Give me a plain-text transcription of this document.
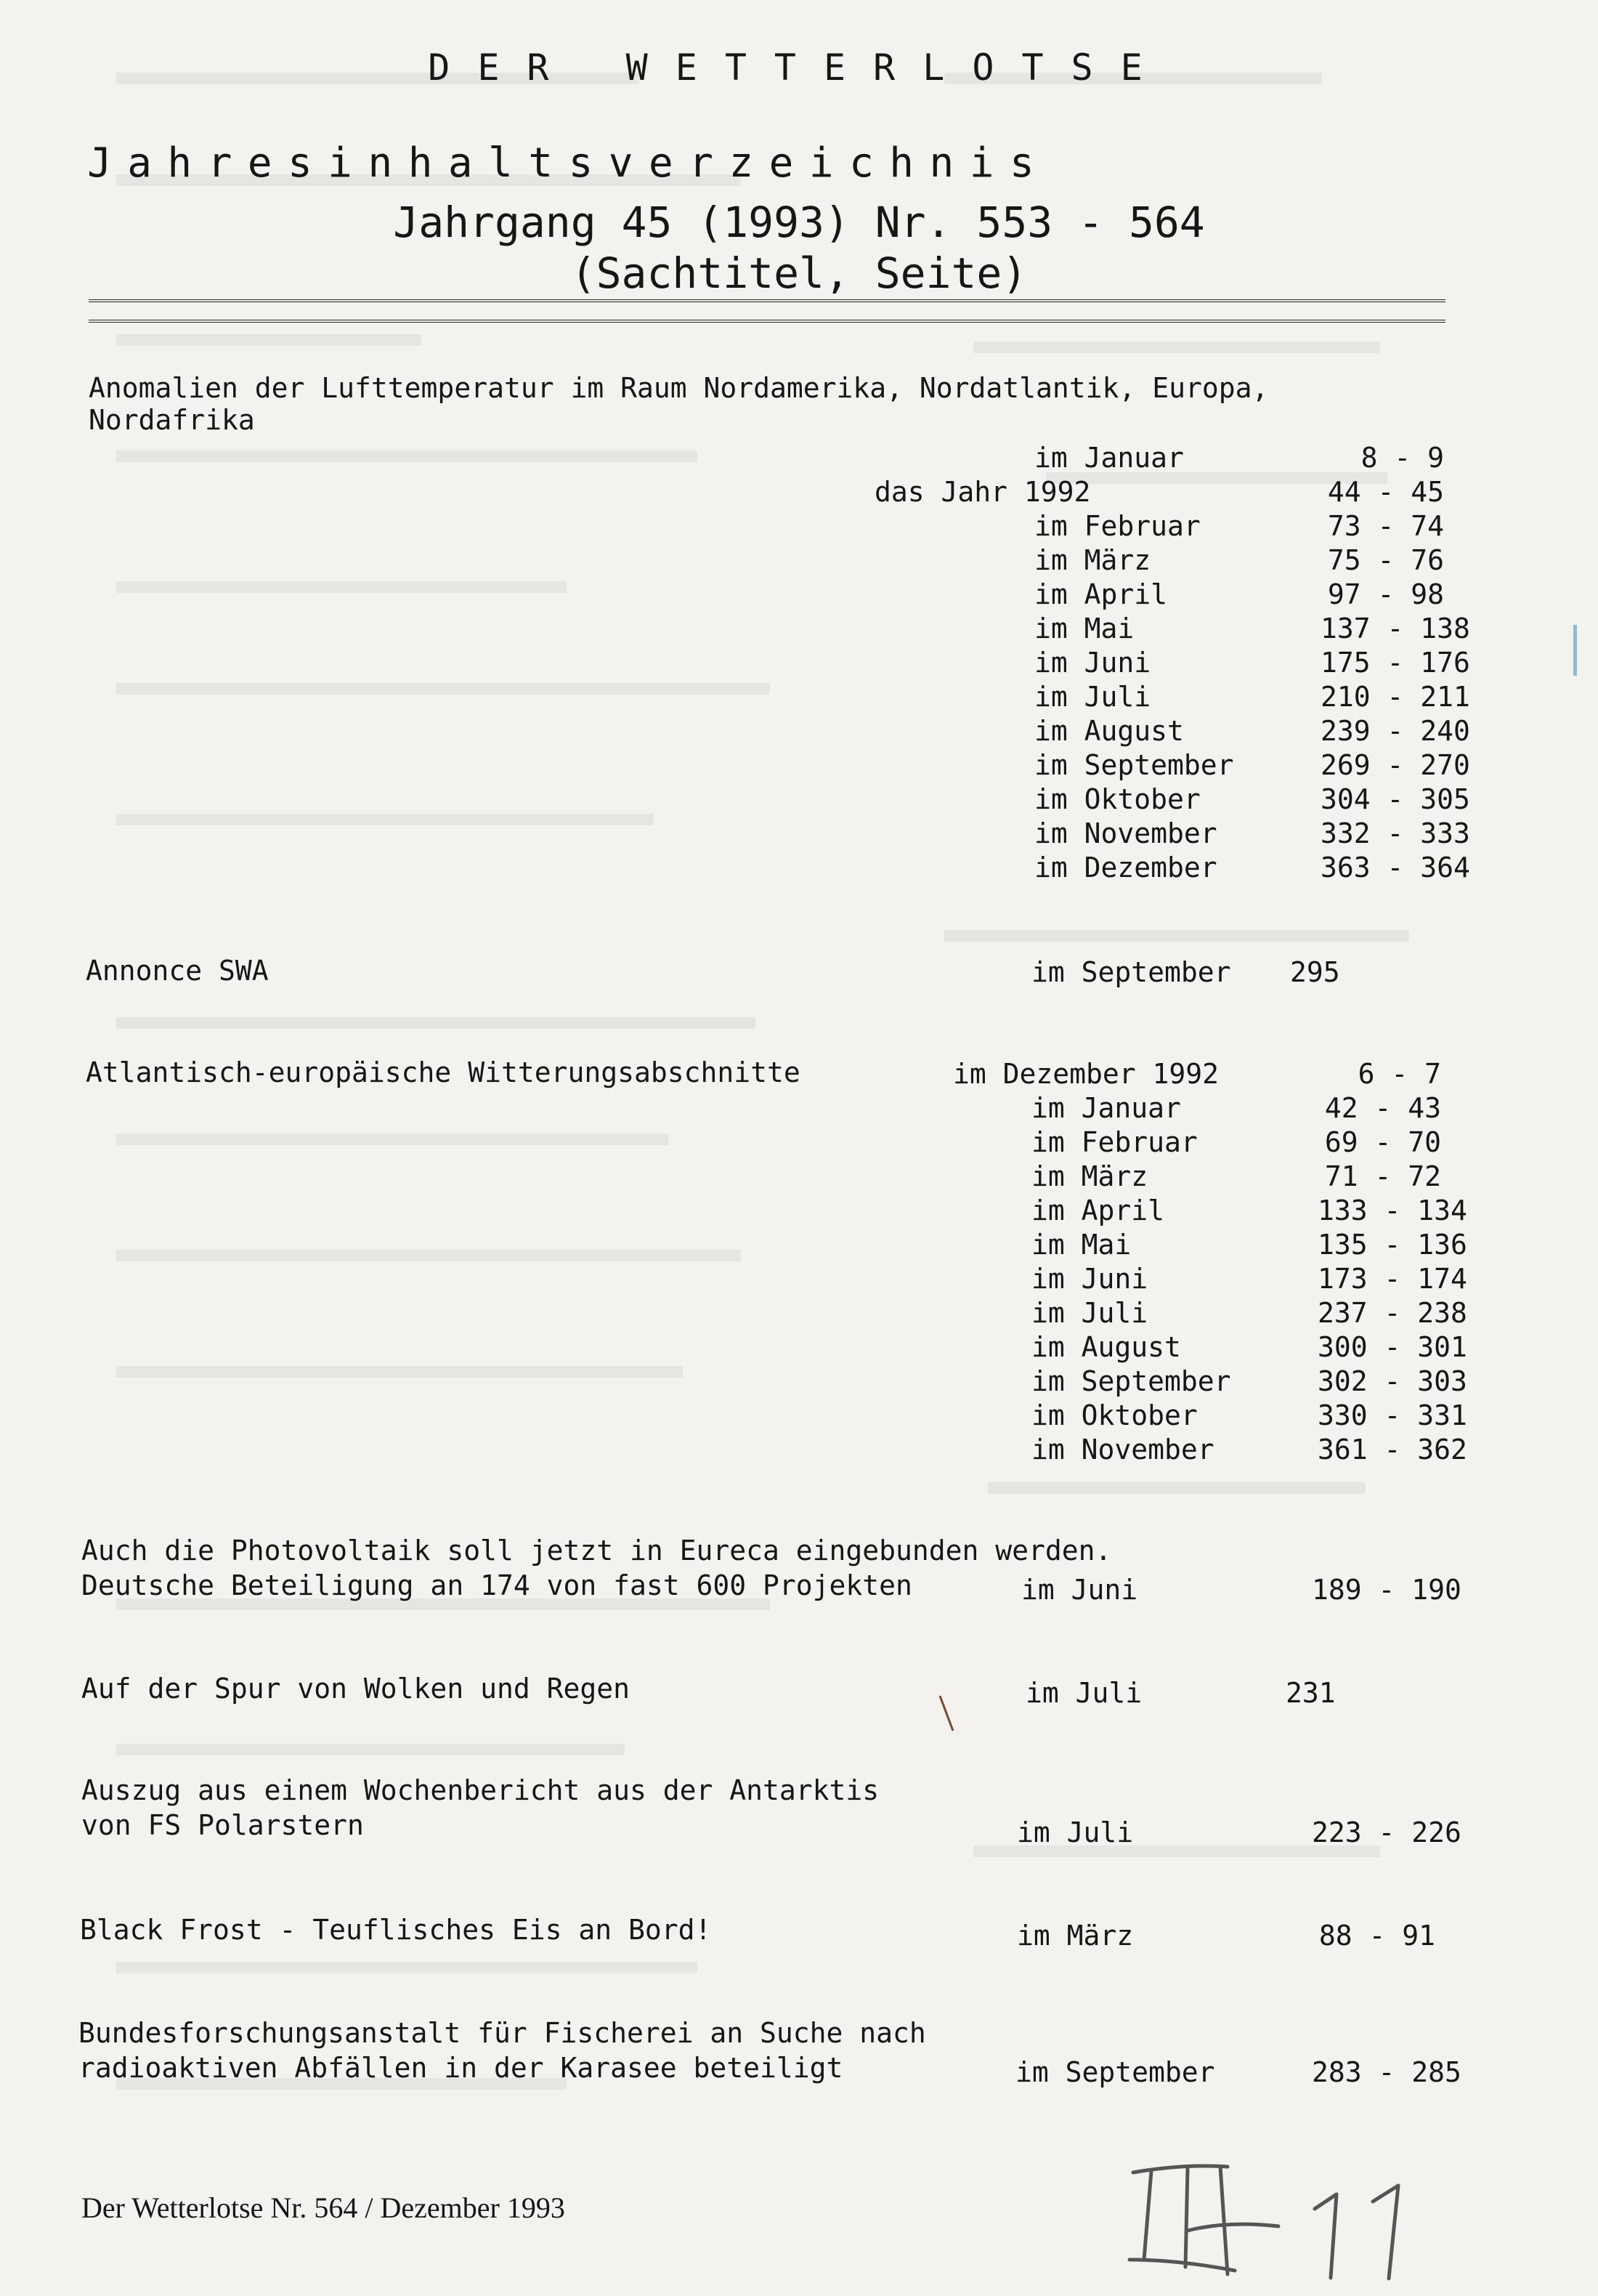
DER WETTERLOTSE
Jahresinhaltsverzeichnis
Jahrgang 45 (1993) Nr. 553 - 564
(Sachtitel, Seite)
Anomalien der Lufttemperatur im Raum Nordamerika, Nordatlantik, Europa,
Nordafrika
im Januar	8 - 9
das Jahr 1992	44 - 45
im Februar	73 - 74
im März	75 - 76
im April	97 - 98
im Mai	137 - 138
im Juni	175 - 176
im Juli	210 - 211
im August	239 - 240
im September	269 - 270
im Oktober	304 - 305
im November	332 - 333
im Dezember	363 - 364
Annonce SWA	im September 295
Atlantisch-europäische Witterungsabschnitte	im Dezember 1992	6 - 7
im Januar	42 - 43
im Februar	69 - 70
im März	71 - 72
im April	133 - 134
im Mai	135 - 136
im Juni	173 - 174
im Juli	237 - 238
im August	300 - 301
im September	302 - 303
im Oktober	330 - 331
im November	361 - 362
Auch die Photovoltaik soll jetzt in Eureca eingebunden werden.
Deutsche Beteiligung an 174 von fast 600 Projekten	im Juni	189 - 190
Auf der Spur von Wolken und Regen	im Juli	231
Auszug aus einem Wochenbericht aus der Antarktis
von FS Polarstern	im Juli	223 - 226
Black Frost - Teuflisches Eis an Bord!	im März	88 - 91
Bundesforschungsanstalt für Fischerei an Suche nach
radioaktiven Abfällen in der Karasee beteiligt	im September	283 - 285
Der Wetterlotse Nr. 564 / Dezember 1993
